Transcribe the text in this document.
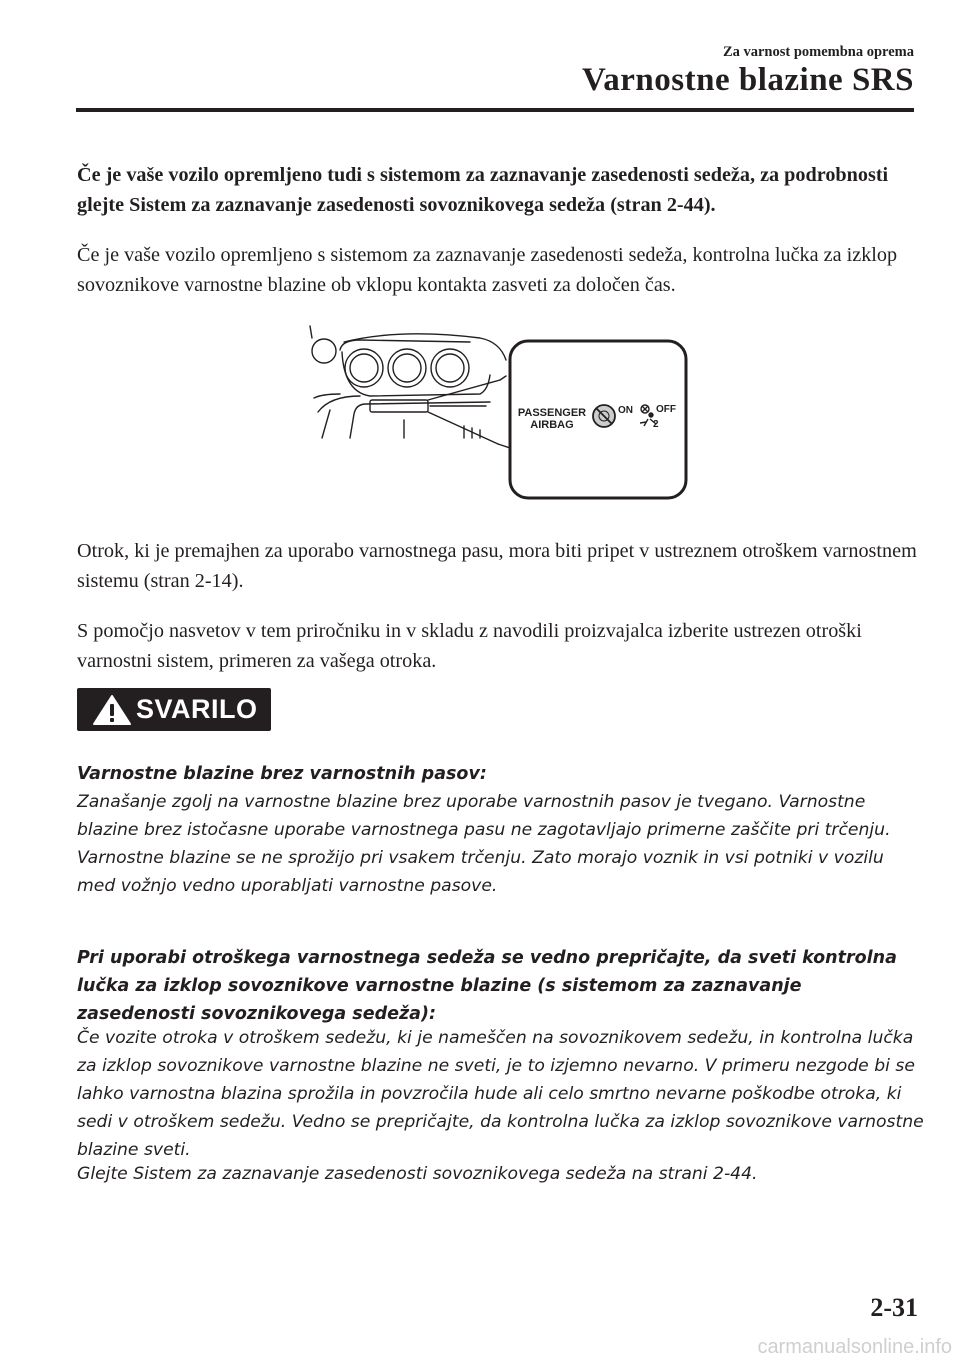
Za varnost pomembna oprema
Varnostne blazine SRS

Če je vaše vozilo opremljeno tudi s sistemom za zaznavanje zasedenosti sedeža, za podrobnosti glejte Sistem za zaznavanje zasedenosti sovoznikovega sedeža (stran 2-44).

Če je vaše vozilo opremljeno s sistemom za zaznavanje zasedenosti sedeža, kontrolna lučka za izklop sovoznikove varnostne blazine ob vklopu kontakta zasveti za določen čas.

PASSENGER
AIRBAG
ON OFF
2

Otrok, ki je premajhen za uporabo varnostnega pasu, mora biti pripet v ustreznem otroškem varnostnem sistemu (stran 2-14).

S pomočjo nasvetov v tem priročniku in v skladu z navodili proizvajalca izberite ustrezen otroški varnostni sistem, primeren za vašega otroka.

SVARILO

Varnostne blazine brez varnostnih pasov:

Zanašanje zgolj na varnostne blazine brez uporabe varnostnih pasov je tvegano. Varnostne blazine brez istočasne uporabe varnostnega pasu ne zagotavljajo primerne zaščite pri trčenju. Varnostne blazine se ne sprožijo pri vsakem trčenju. Zato morajo voznik in vsi potniki v vozilu med vožnjo vedno uporabljati varnostne pasove.

Pri uporabi otroškega varnostnega sedeža se vedno prepričajte, da sveti kontrolna lučka za izklop sovoznikove varnostne blazine (s sistemom za zaznavanje zasedenosti sovoznikovega sedeža):

Če vozite otroka v otroškem sedežu, ki je nameščen na sovoznikovem sedežu, in kontrolna lučka za izklop sovoznikove varnostne blazine ne sveti, je to izjemno nevarno. V primeru nezgode bi se lahko varnostna blazina sprožila in povzročila hude ali celo smrtno nevarne poškodbe otroka, ki sedi v otroškem sedežu. Vedno se prepričajte, da kontrolna lučka za izklop sovoznikove varnostne blazine sveti.

Glejte Sistem za zaznavanje zasedenosti sovoznikovega sedeža na strani 2-44.

2-31
carmanualsonline.info
